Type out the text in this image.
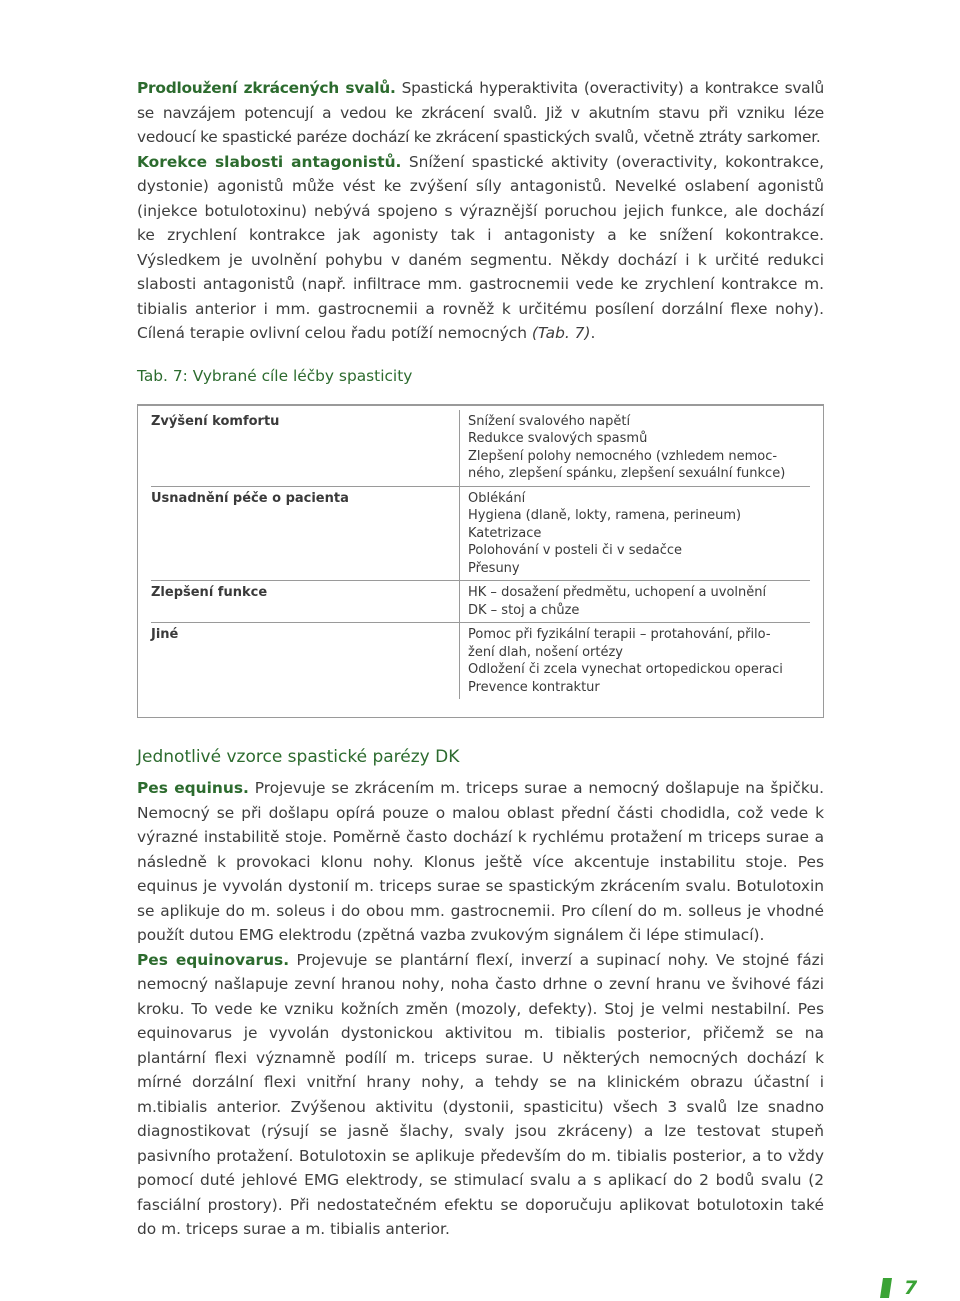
Prodloužení zkrácených svalů. Spastická hyperaktivita (overactivity) a kontrakce svalů se navzájem potencují a vedou ke zkrácení svalů. Již v akutním stavu při vzniku léze vedoucí ke spastické paréze dochází ke zkrácení spastických svalů, včetně ztráty sarkomer.

Korekce slabosti antagonistů. Snížení spastické aktivity (overactivity, kokontrakce, dystonie) agonistů může vést ke zvýšení síly antagonistů. Nevelké oslabení agonistů (injekce botulotoxinu) nebývá spojeno s výraznější poruchou jejich funkce, ale dochází ke zrychlení kontrakce jak agonisty tak i antagonisty a ke snížení kokontrakce. Výsledkem je uvolnění pohybu v daném segmentu. Někdy dochází i k určité redukci slabosti antagonistů (např. infiltrace mm. gastrocnemii vede ke zrychlení kontrakce m. tibialis anterior i mm. gastrocnemii a rovněž k určitému posílení dorzální flexe nohy). Cílená terapie ovlivní celou řadu potíží nemocných (Tab. 7).

Tab. 7: Vybrané cíle léčby spasticity
Zvýšení komfortu	Snížení svalového napětí
Redukce svalových spasmů
Zlepšení polohy nemocného (vzhledem nemoc-
ného, zlepšení spánku, zlepšení sexuální funkce)
Usnadnění péče o pacienta	Oblékání
Hygiena (dlaně, lokty, ramena, perineum)
Katetrizace
Polohování v posteli či v sedačce
Přesuny
Zlepšení funkce	HK – dosažení předmětu, uchopení a uvolnění
DK – stoj a chůze
Jiné	Pomoc při fyzikální terapii – protahování, přilo-
žení dlah, nošení ortézy
Odložení či zcela vynechat ortopedickou operaci
Prevence kontraktur
Jednotlivé vzorce spastické parézy DK

Pes equinus. Projevuje se zkrácením m. triceps surae a nemocný došlapuje na špičku. Nemocný se při došlapu opírá pouze o malou oblast přední části chodidla, což vede k výrazné instabilitě stoje. Poměrně často dochází k rychlému protažení m triceps surae a následně k provokaci klonu nohy. Klonus ještě více akcentuje instabilitu stoje. Pes equinus je vyvolán dystonií m. triceps surae se spastickým zkrácením svalu. Botulotoxin se aplikuje do m. soleus i do obou mm. gastrocnemii. Pro cílení do m. solleus je vhodné použít dutou EMG elektrodu (zpětná vazba zvukovým signálem či lépe stimulací).

Pes equinovarus. Projevuje se plantární flexí, inverzí a supinací nohy. Ve stojné fázi nemocný našlapuje zevní hranou nohy, noha často drhne o zevní hranu ve švihové fázi kroku. To vede ke vzniku kožních změn (mozoly, defekty). Stoj je velmi nestabilní. Pes equinovarus je vyvolán dystonickou aktivitou m. tibialis posterior, přičemž se na plantární flexi významně podílí m. triceps surae. U některých nemocných dochází k mírné dorzální flexi vnitřní hrany nohy, a tehdy se na klinickém obrazu účastní i m.tibialis anterior. Zvýšenou aktivitu (dystonii, spasticitu) všech 3 svalů lze snadno diagnostikovat (rýsují se jasně šlachy, svaly jsou zkráceny) a lze testovat stupeň pasivního protažení. Botulotoxin se aplikuje především do m. tibialis posterior, a to vždy pomocí duté jehlové EMG elektrody, se stimulací svalu a s aplikací do 2 bodů svalu (2 fasciální prostory). Při nedostatečném efektu se doporučuju aplikovat botulotoxin také do m. triceps surae a m. tibialis anterior.

7
